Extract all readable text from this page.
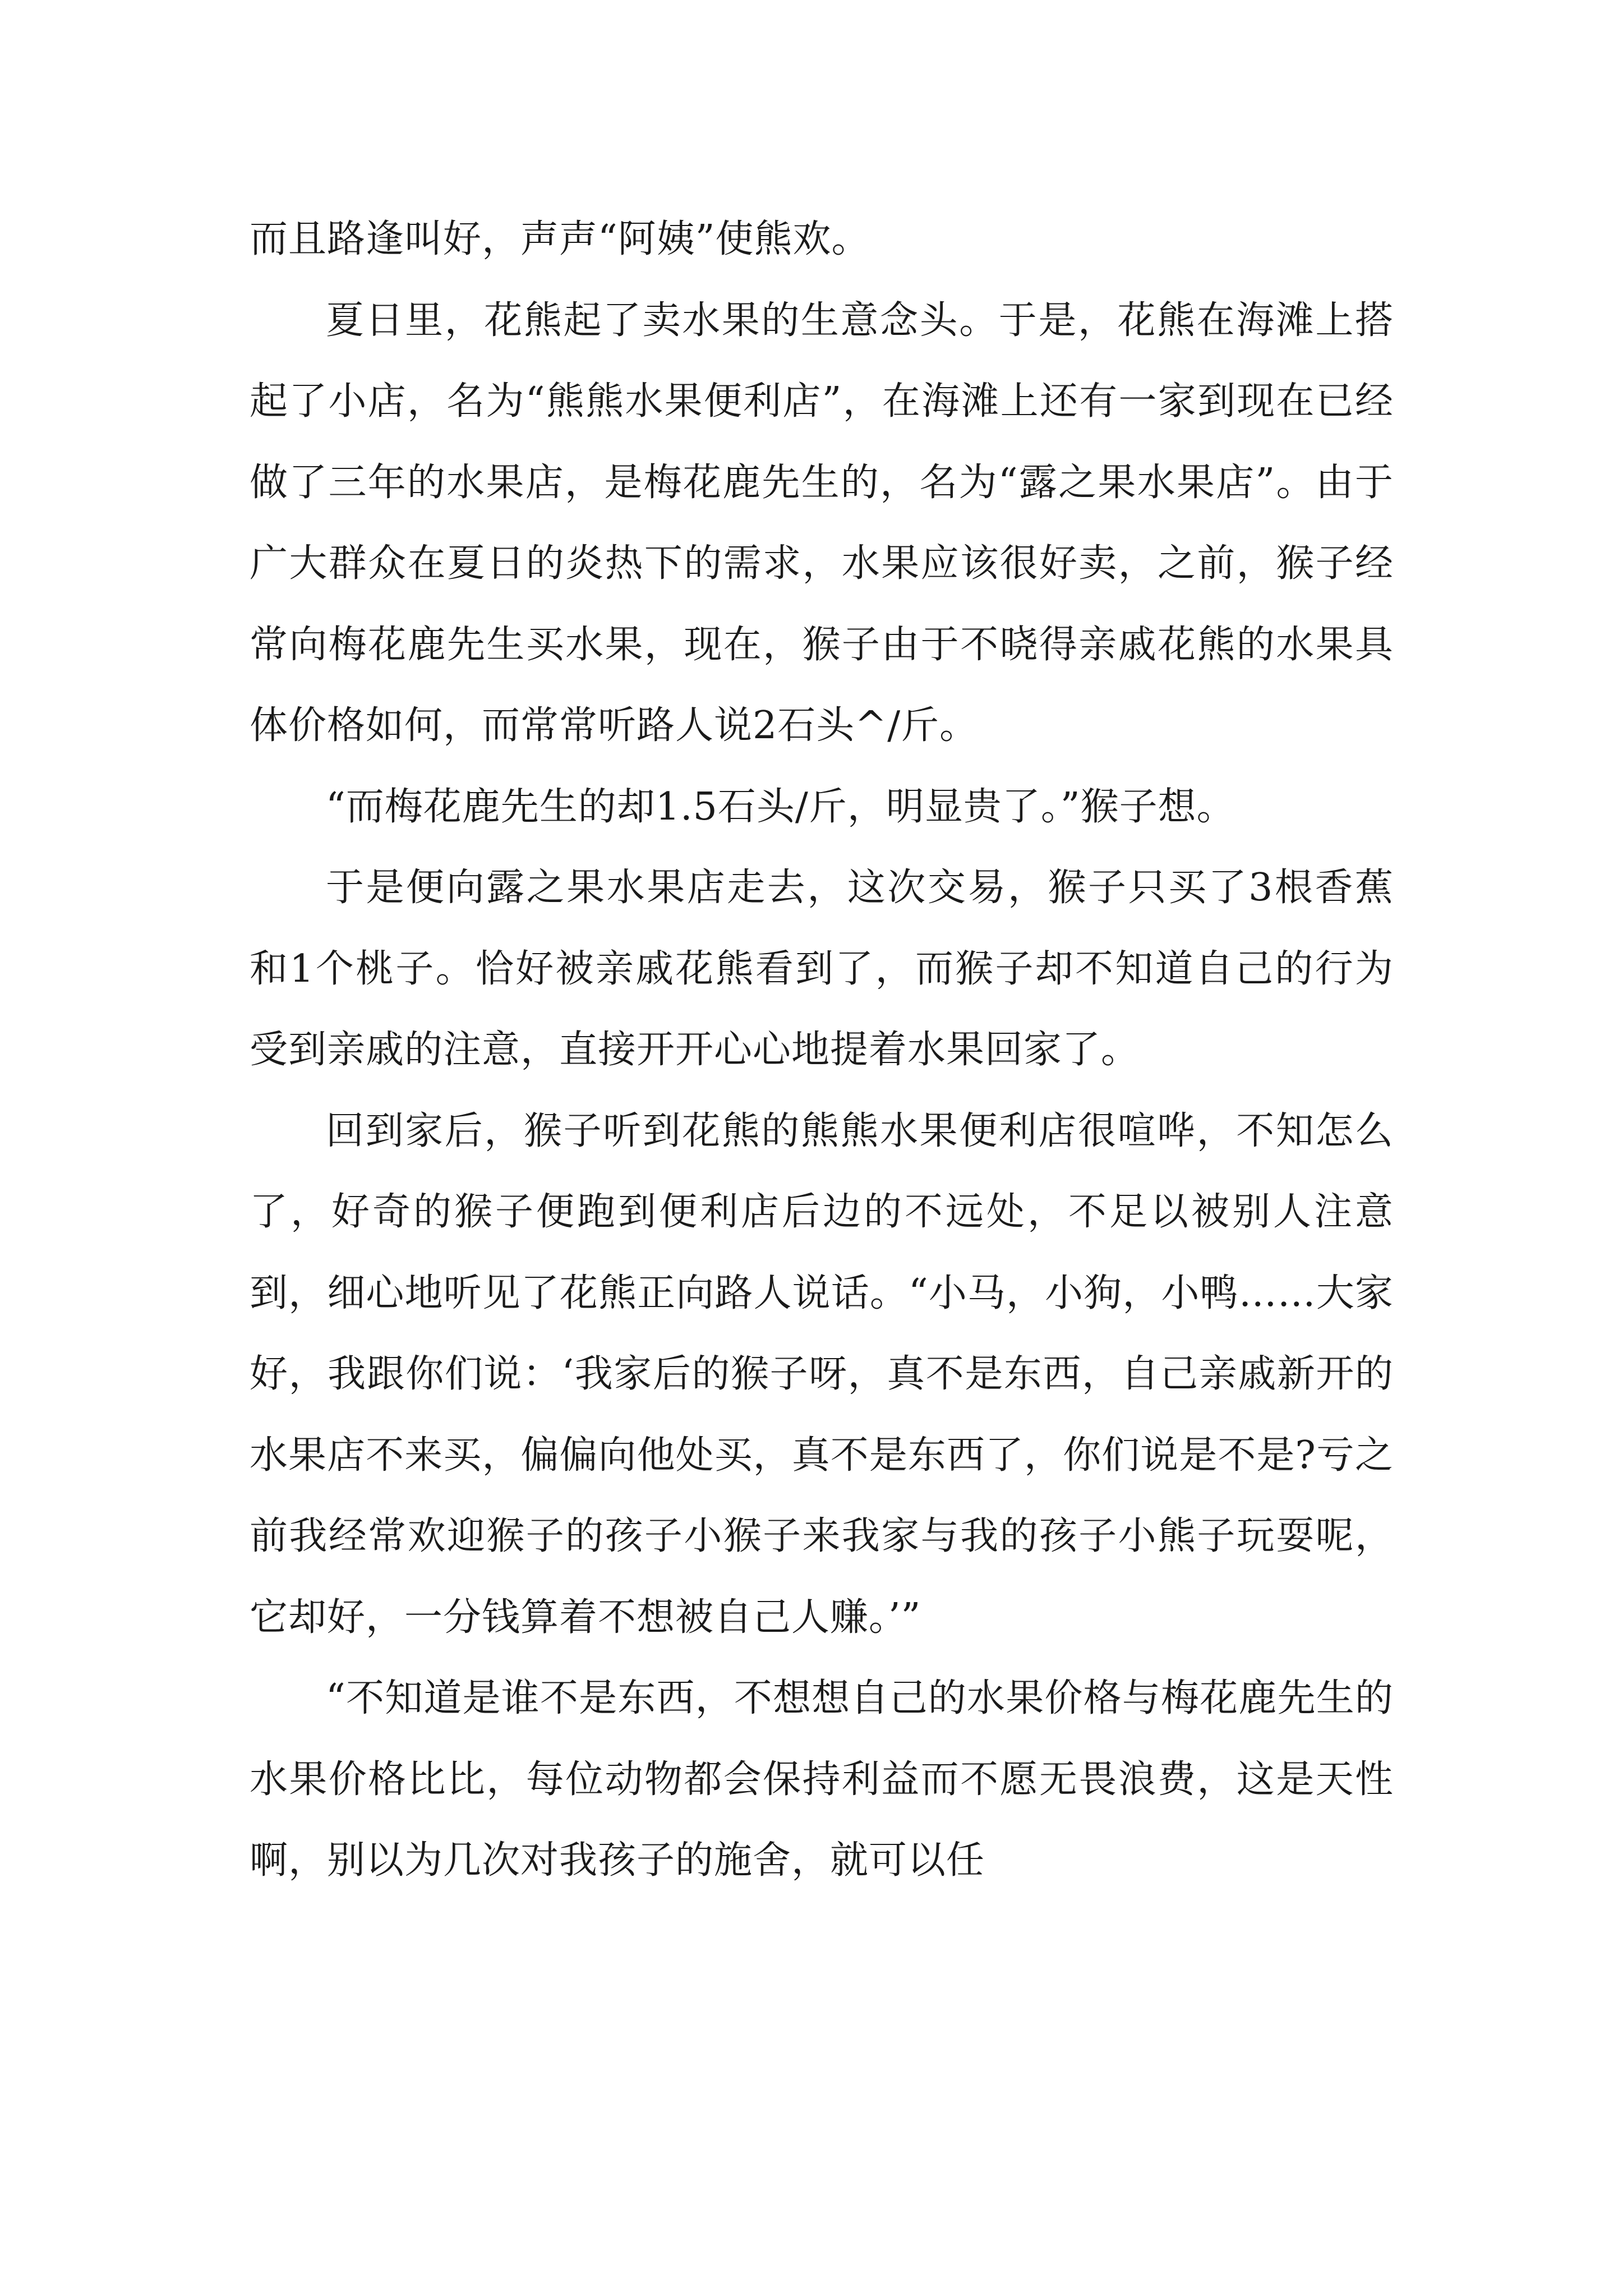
而且路逢叫好，声声“阿姨”使熊欢。

夏日里，花熊起了卖水果的生意念头。于是，花熊在海滩上搭起了小店，名为“熊熊水果便利店”，在海滩上还有一家到现在已经做了三年的水果店，是梅花鹿先生的，名为“露之果水果店”。由于广大群众在夏日的炎热下的需求，水果应该很好卖，之前，猴子经常向梅花鹿先生买水果，现在，猴子由于不晓得亲戚花熊的水果具体价格如何，而常常听路人说2石头^/斤。

“而梅花鹿先生的却1.5石头/斤，明显贵了。”猴子想。

于是便向露之果水果店走去，这次交易，猴子只买了3根香蕉和1个桃子。恰好被亲戚花熊看到了，而猴子却不知道自己的行为受到亲戚的注意，直接开开心心地提着水果回家了。

回到家后，猴子听到花熊的熊熊水果便利店很喧哗，不知怎么了，好奇的猴子便跑到便利店后边的不远处，不足以被别人注意到，细心地听见了花熊正向路人说话。“小马，小狗，小鸭……大家好，我跟你们说：‘我家后的猴子呀，真不是东西，自己亲戚新开的水果店不来买，偏偏向他处买，真不是东西了，你们说是不是?亏之前我经常欢迎猴子的孩子小猴子来我家与我的孩子小熊子玩耍呢，它却好，一分钱算着不想被自己人赚。’”

“不知道是谁不是东西，不想想自己的水果价格与梅花鹿先生的水果价格比比，每位动物都会保持利益而不愿无畏浪费，这是天性啊，别以为几次对我孩子的施舍，就可以任
